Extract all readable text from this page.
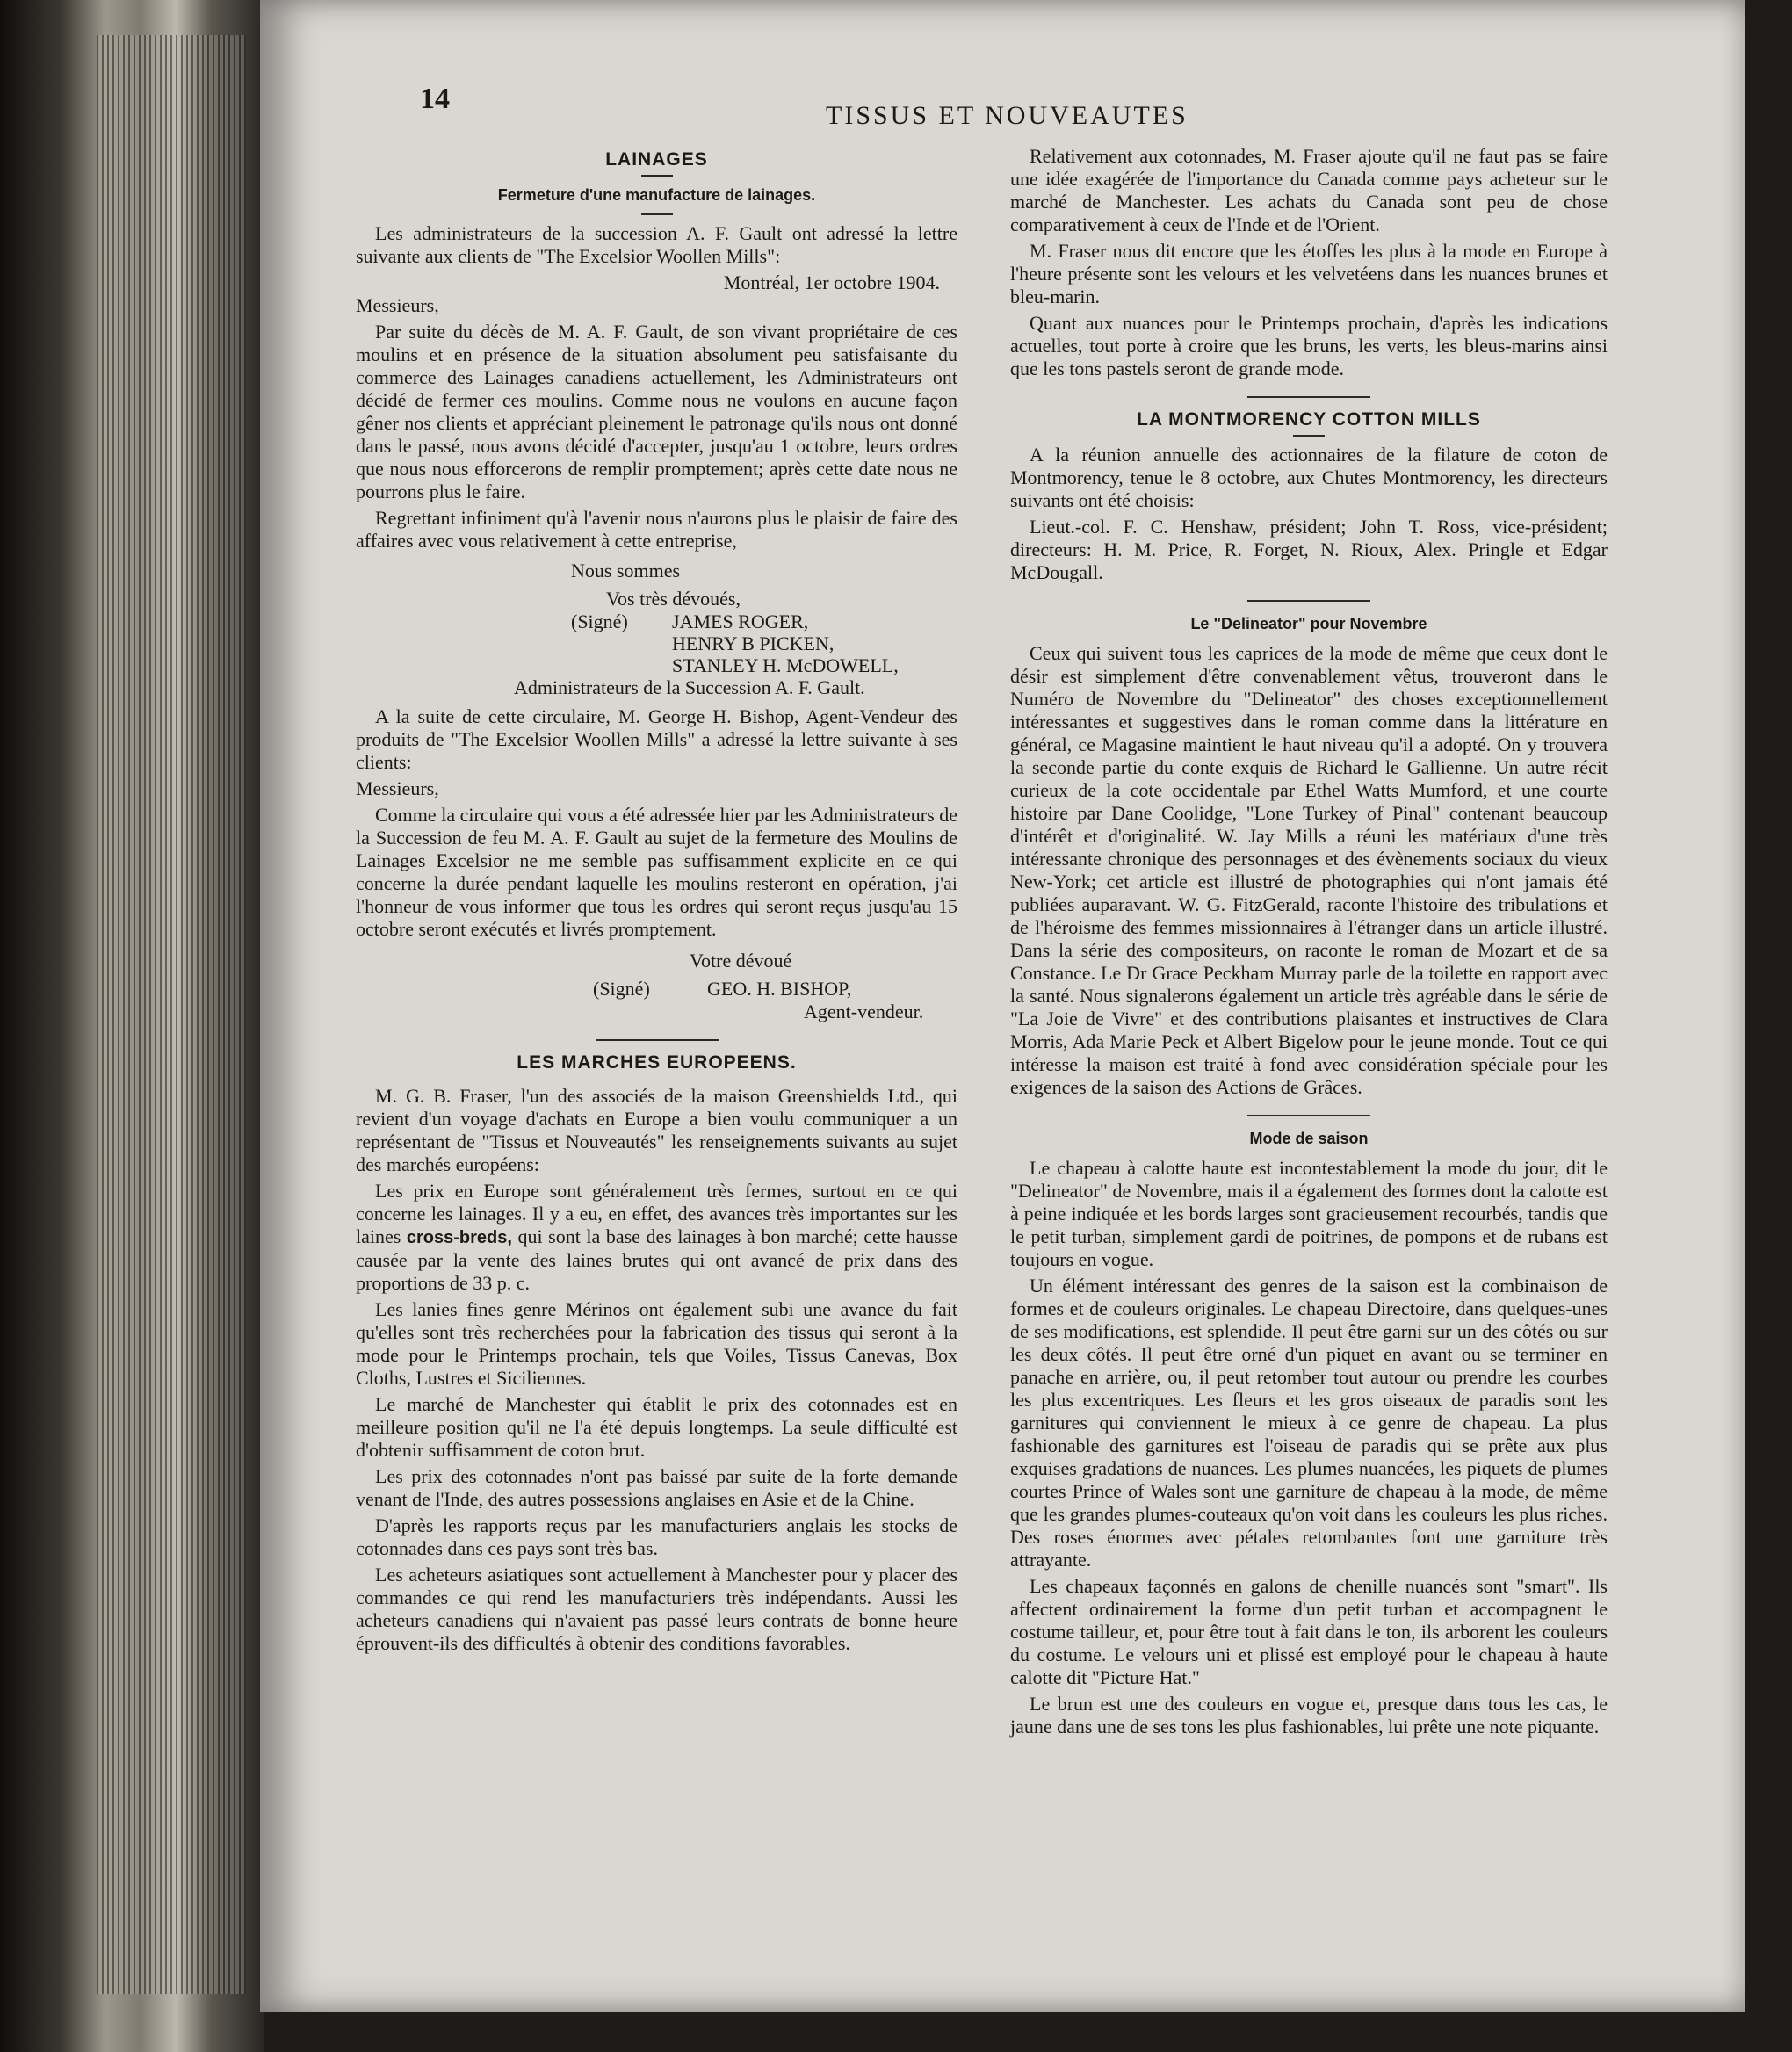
14
TISSUS ET NOUVEAUTES
LAINAGES
Fermeture d'une manufacture de lainages.

Les administrateurs de la succession A. F. Gault ont adressé la lettre suivante aux clients de "The Excelsior Woollen Mills":

Montréal, 1er octobre 1904.

Messieurs,

Par suite du décès de M. A. F. Gault, de son vivant propriétaire de ces moulins et en présence de la situation absolument peu satisfaisante du commerce des Lainages canadiens actuellement, les Administrateurs ont décidé de fermer ces moulins. Comme nous ne voulons en aucune façon gêner nos clients et appréciant pleinement le patronage qu'ils nous ont donné dans le passé, nous avons décidé d'accepter, jusqu'au 1 octobre, leurs ordres que nous nous efforcerons de remplir promptement; après cette date nous ne pourrons plus le faire.

Regrettant infiniment qu'à l'avenir nous n'aurons plus le plaisir de faire des affaires avec vous relativement à cette entreprise,

Nous sommes
Vos très dévoués,
(Signé)	JAMES ROGER,
HENRY B PICKEN,
STANLEY H. McDOWELL,
Administrateurs de la Succession A. F. Gault.

A la suite de cette circulaire, M. George H. Bishop, Agent-Vendeur des produits de "The Excelsior Woollen Mills" a adressé la lettre suivante à ses clients:

Messieurs,

Comme la circulaire qui vous a été adressée hier par les Administrateurs de la Succession de feu M. A. F. Gault au sujet de la fermeture des Moulins de Lainages Excelsior ne me semble pas suffisamment explicite en ce qui concerne la durée pendant laquelle les moulins resteront en opération, j'ai l'honneur de vous informer que tous les ordres qui seront reçus jusqu'au 15 octobre seront exécutés et livrés promptement.

Votre dévoué
(Signé)	GEO. H. BISHOP,
Agent-vendeur.
LES MARCHES EUROPEENS.

M. G. B. Fraser, l'un des associés de la maison Greenshields Ltd., qui revient d'un voyage d'achats en Europe a bien voulu communiquer a un représentant de "Tissus et Nouveautés" les renseignements suivants au sujet des marchés européens:

Les prix en Europe sont généralement très fermes, surtout en ce qui concerne les lainages. Il y a eu, en effet, des avances très importantes sur les laines cross-breds, qui sont la base des lainages à bon marché; cette hausse causée par la vente des laines brutes qui ont avancé de prix dans des proportions de 33 p. c.

Les lanies fines genre Mérinos ont également subi une avance du fait qu'elles sont très recherchées pour la fabrication des tissus qui seront à la mode pour le Printemps prochain, tels que Voiles, Tissus Canevas, Box Cloths, Lustres et Siciliennes.

Le marché de Manchester qui établit le prix des cotonnades est en meilleure position qu'il ne l'a été depuis longtemps. La seule difficulté est d'obtenir suffisamment de coton brut.

Les prix des cotonnades n'ont pas baissé par suite de la forte demande venant de l'Inde, des autres possessions anglaises en Asie et de la Chine.

D'après les rapports reçus par les manufacturiers anglais les stocks de cotonnades dans ces pays sont très bas.

Les acheteurs asiatiques sont actuellement à Manchester pour y placer des commandes ce qui rend les manufacturiers très indépendants. Aussi les acheteurs canadiens qui n'avaient pas passé leurs contrats de bonne heure éprouvent-ils des difficultés à obtenir des conditions favorables.

Relativement aux cotonnades, M. Fraser ajoute qu'il ne faut pas se faire une idée exagérée de l'importance du Canada comme pays acheteur sur le marché de Manchester. Les achats du Canada sont peu de chose comparativement à ceux de l'Inde et de l'Orient.

M. Fraser nous dit encore que les étoffes les plus à la mode en Europe à l'heure présente sont les velours et les velvetéens dans les nuances brunes et bleu-marin.

Quant aux nuances pour le Printemps prochain, d'après les indications actuelles, tout porte à croire que les bruns, les verts, les bleus-marins ainsi que les tons pastels seront de grande mode.

LA MONTMORENCY COTTON MILLS

A la réunion annuelle des actionnaires de la filature de coton de Montmorency, tenue le 8 octobre, aux Chutes Montmorency, les directeurs suivants ont été choisis:

Lieut.-col. F. C. Henshaw, président; John T. Ross, vice-président; directeurs: H. M. Price, R. Forget, N. Rioux, Alex. Pringle et Edgar McDougall.

Le "Delineator" pour Novembre

Ceux qui suivent tous les caprices de la mode de même que ceux dont le désir est simplement d'être convenablement vêtus, trouveront dans le Numéro de Novembre du "Delineator" des choses exceptionnellement intéressantes et suggestives dans le roman comme dans la littérature en général, ce Magasine maintient le haut niveau qu'il a adopté. On y trouvera la seconde partie du conte exquis de Richard le Gallienne. Un autre récit curieux de la cote occidentale par Ethel Watts Mumford, et une courte histoire par Dane Coolidge, "Lone Turkey of Pinal" contenant beaucoup d'intérêt et d'originalité. W. Jay Mills a réuni les matériaux d'une très intéressante chronique des personnages et des évènements sociaux du vieux New-York; cet article est illustré de photographies qui n'ont jamais été publiées auparavant. W. G. FitzGerald, raconte l'histoire des tribulations et de l'héroisme des femmes missionnaires à l'étranger dans un article illustré. Dans la série des compositeurs, on raconte le roman de Mozart et de sa Constance. Le Dr Grace Peckham Murray parle de la toilette en rapport avec la santé. Nous signalerons également un article très agréable dans le série de "La Joie de Vivre" et des contributions plaisantes et instructives de Clara Morris, Ada Marie Peck et Albert Bigelow pour le jeune monde. Tout ce qui intéresse la maison est traité à fond avec considération spéciale pour les exigences de la saison des Actions de Grâces.

Mode de saison

Le chapeau à calotte haute est incontestablement la mode du jour, dit le "Delineator" de Novembre, mais il a également des formes dont la calotte est à peine indiquée et les bords larges sont gracieusement recourbés, tandis que le petit turban, simplement gardi de poitrines, de pompons et de rubans est toujours en vogue.

Un élément intéressant des genres de la saison est la combinaison de formes et de couleurs originales. Le chapeau Directoire, dans quelques-unes de ses modifications, est splendide. Il peut être garni sur un des côtés ou sur les deux côtés. Il peut être orné d'un piquet en avant ou se terminer en panache en arrière, ou, il peut retomber tout autour ou prendre les courbes les plus excentriques. Les fleurs et les gros oiseaux de paradis sont les garnitures qui conviennent le mieux à ce genre de chapeau. La plus fashionable des garnitures est l'oiseau de paradis qui se prête aux plus exquises gradations de nuances. Les plumes nuancées, les piquets de plumes courtes Prince of Wales sont une garniture de chapeau à la mode, de même que les grandes plumes-couteaux qu'on voit dans les couleurs les plus riches. Des roses énormes avec pétales retombantes font une garniture très attrayante.

Les chapeaux façonnés en galons de chenille nuancés sont "smart". Ils affectent ordinairement la forme d'un petit turban et accompagnent le costume tailleur, et, pour être tout à fait dans le ton, ils arborent les couleurs du costume. Le velours uni et plissé est employé pour le chapeau à haute calotte dit "Picture Hat."

Le brun est une des couleurs en vogue et, presque dans tous les cas, le jaune dans une de ses tons les plus fashionables, lui prête une note piquante.
